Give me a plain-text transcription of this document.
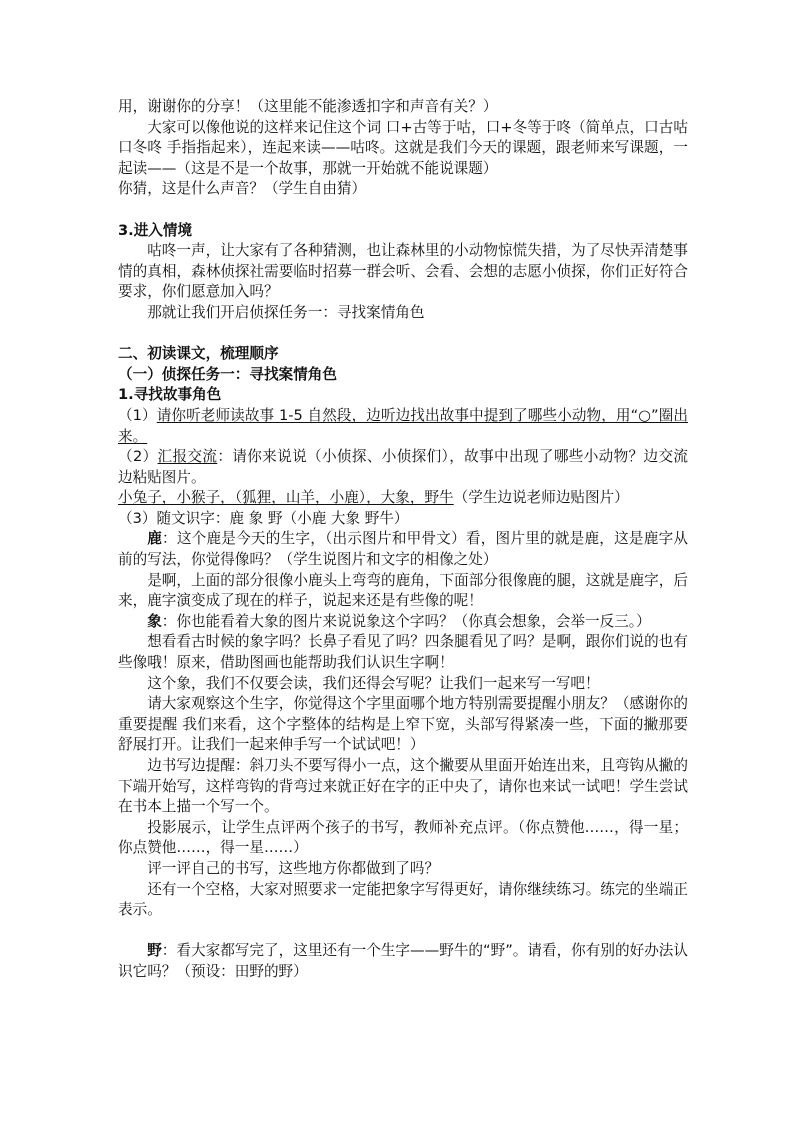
用，谢谢你的分享！（这里能不能渗透扣字和声音有关？）

大家可以像他说的这样来记住这个词 口+古等于咕，口+冬等于咚（简单点，口古咕 口冬咚 手指指起来），连起来读——咕咚。这就是我们今天的课题，跟老师来写课题，一起读——（这是不是一个故事，那就一开始就不能说课题）

你猜，这是什么声音？（学生自由猜）

3.进入情境

咕咚一声，让大家有了各种猜测，也让森林里的小动物惊慌失措，为了尽快弄清楚事情的真相，森林侦探社需要临时招募一群会听、会看、会想的志愿小侦探，你们正好符合要求，你们愿意加入吗？

那就让我们开启侦探任务一：寻找案情角色

二、初读课文，梳理顺序

（一）侦探任务一：寻找案情角色

1.寻找故事角色

（1）请你听老师读故事 1-5 自然段，边听边找出故事中提到了哪些小动物，用“○”圈出来。

（2）汇报交流：请你来说说（小侦探、小侦探们），故事中出现了哪些小动物？边交流边粘贴图片。

小兔子，小猴子，（狐狸，山羊，小鹿），大象，野牛（学生边说老师边贴图片）

（3）随文识字：鹿 象 野（小鹿 大象 野牛）

鹿：这个鹿是今天的生字，（出示图片和甲骨文）看，图片里的就是鹿，这是鹿字从前的写法，你觉得像吗？（学生说图片和文字的相像之处）

是啊，上面的部分很像小鹿头上弯弯的鹿角，下面部分很像鹿的腿，这就是鹿字，后来，鹿字演变成了现在的样子，说起来还是有些像的呢！

象：你也能看着大象的图片来说说象这个字吗？（你真会想象，会举一反三。）

想看看古时候的象字吗？长鼻子看见了吗？四条腿看见了吗？是啊，跟你们说的也有些像哦！原来，借助图画也能帮助我们认识生字啊！

这个象，我们不仅要会读，我们还得会写呢？让我们一起来写一写吧！

请大家观察这个生字，你觉得这个字里面哪个地方特别需要提醒小朋友？（感谢你的重要提醒 我们来看，这个字整体的结构是上窄下宽，头部写得紧凑一些，下面的撇那要舒展打开。让我们一起来伸手写一个试试吧！）

边书写边提醒：斜刀头不要写得小一点，这个撇要从里面开始连出来，且弯钩从撇的下端开始写，这样弯钩的背弯过来就正好在字的正中央了，请你也来试一试吧！学生尝试在书本上描一个写一个。

投影展示，让学生点评两个孩子的书写，教师补充点评。（你点赞他……，得一星；你点赞他……，得一星……）

评一评自己的书写，这些地方你都做到了吗？

还有一个空格，大家对照要求一定能把象字写得更好，请你继续练习。练完的坐端正表示。

野：看大家都写完了，这里还有一个生字——野牛的“野”。请看，你有别的好办法认识它吗？（预设：田野的野）
